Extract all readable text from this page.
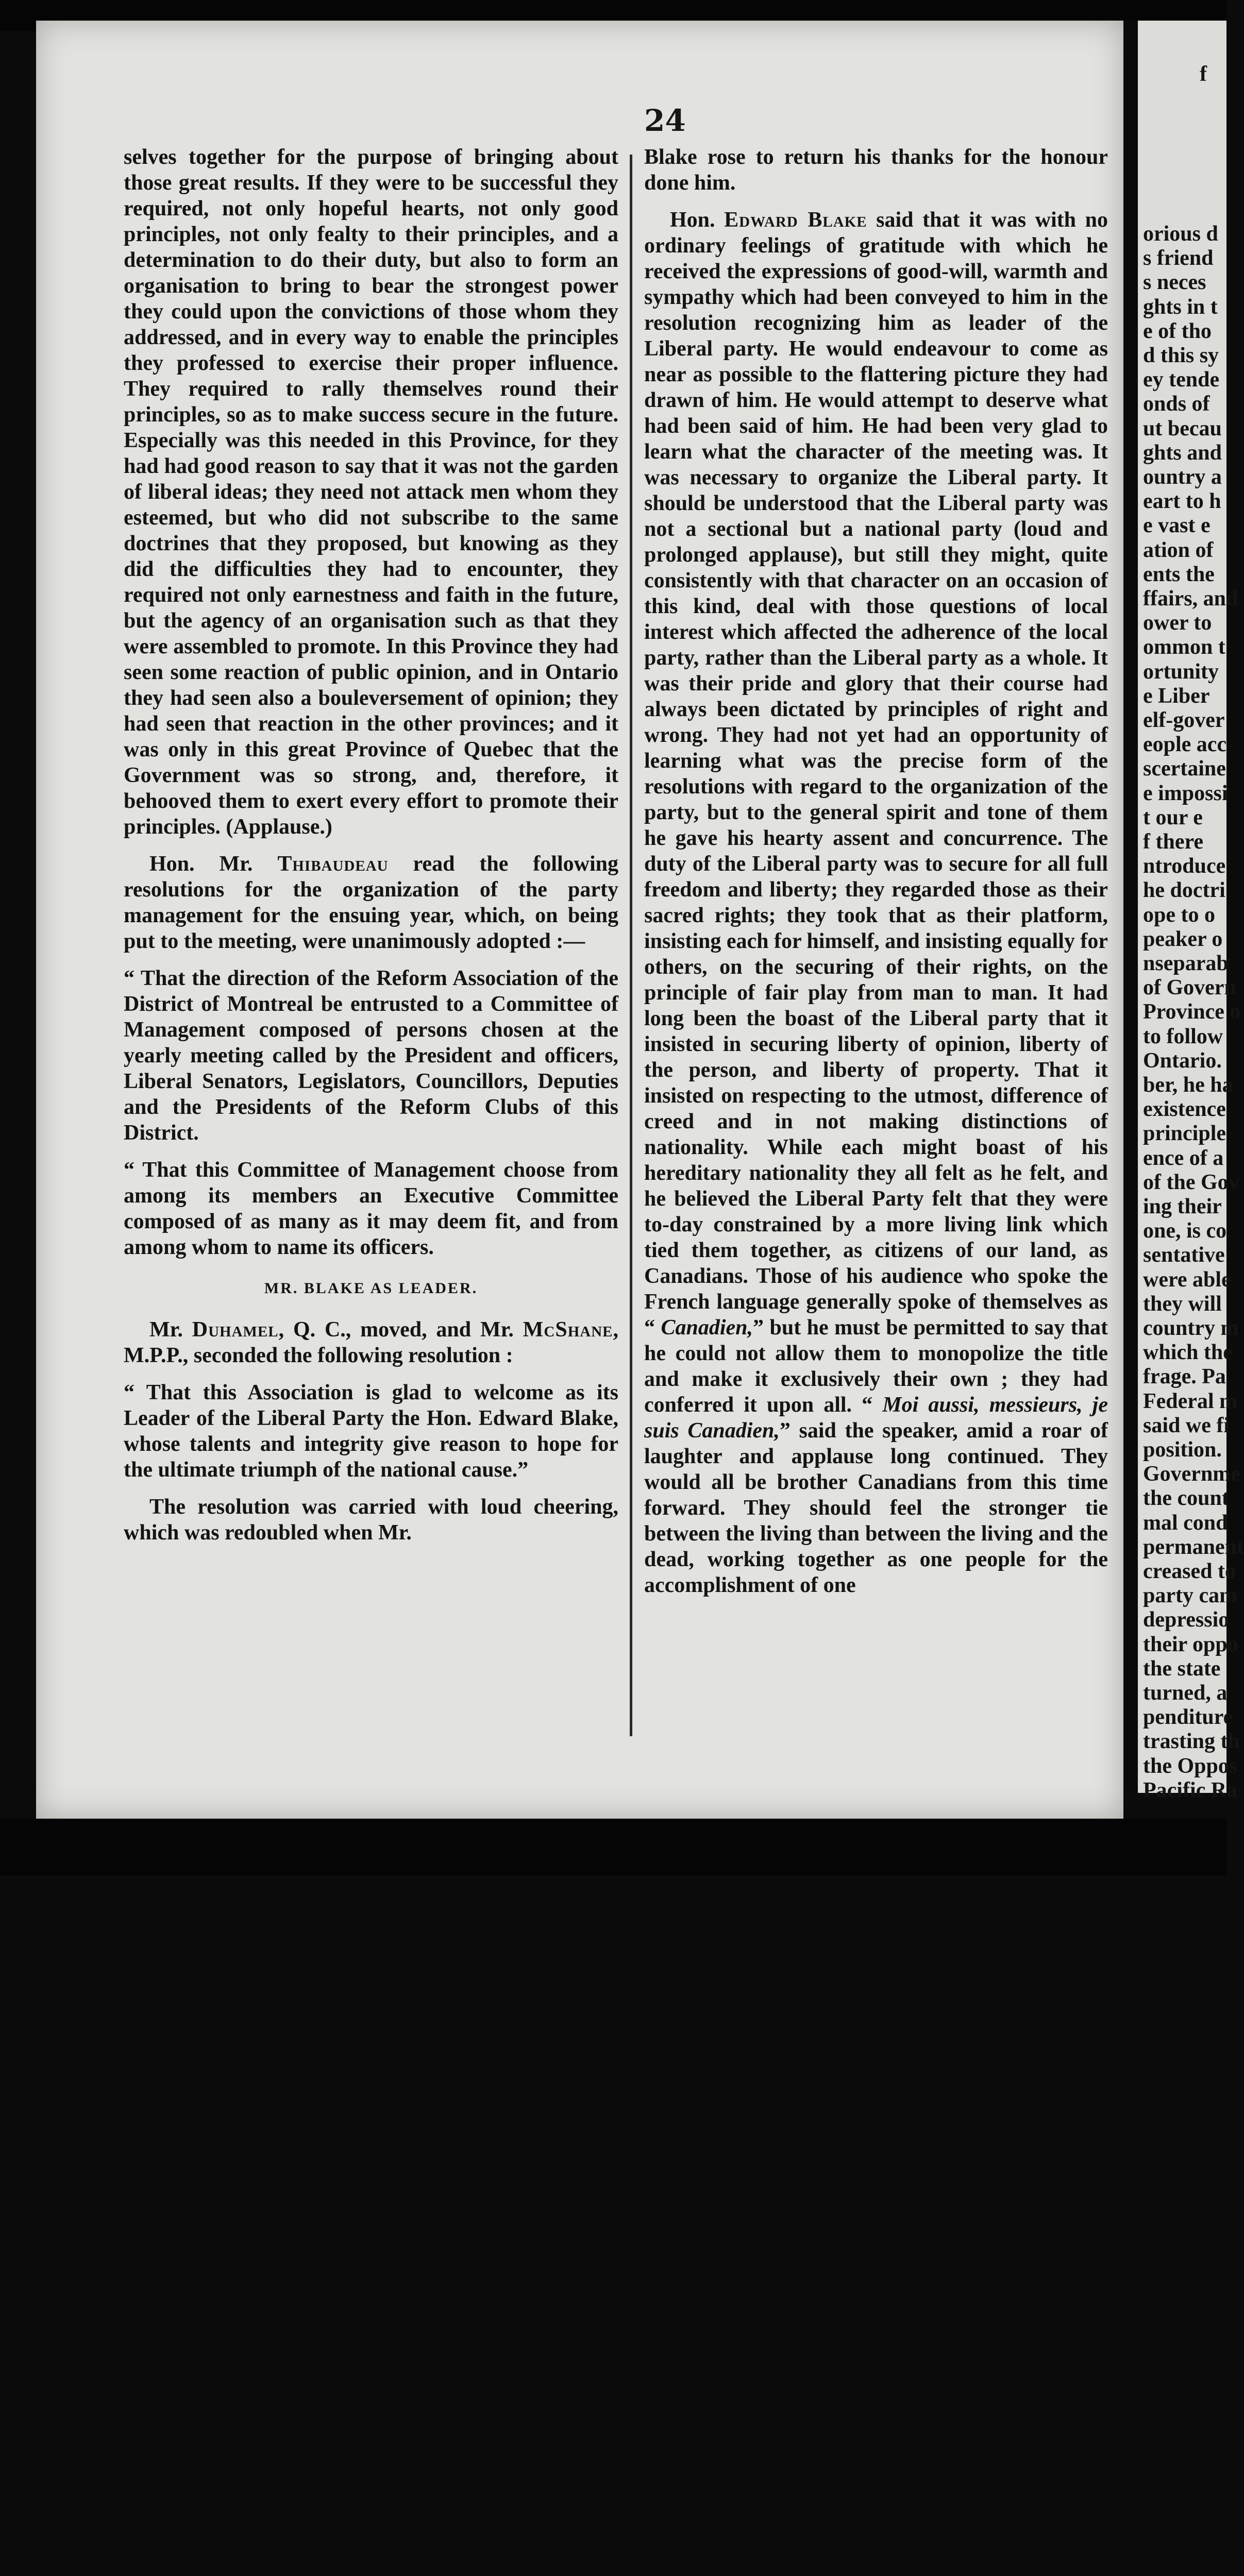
24

selves together for the purpose of bringing about those great results. If they were to be successful they required, not only hopeful hearts, not only good principles, not only fealty to their principles, and a determination to do their duty, but also to form an organisation to bring to bear the strongest power they could upon the convictions of those whom they addressed, and in every way to enable the principles they professed to exercise their proper influence. They required to rally themselves round their principles, so as to make success secure in the future. Especially was this needed in this Province, for they had had good reason to say that it was not the garden of liberal ideas; they need not attack men whom they esteemed, but who did not subscribe to the same doctrines that they proposed, but knowing as they did the difficulties they had to encounter, they required not only earnestness and faith in the future, but the agency of an organisation such as that they were assembled to promote. In this Province they had seen some reaction of public opinion, and in Ontario they had seen also a bouleversement of opinion; they had seen that reaction in the other provinces; and it was only in this great Province of Quebec that the Government was so strong, and, therefore, it behooved them to exert every effort to promote their principles. (Applause.)

Hon. Mr. Thibaudeau read the following resolutions for the organization of the party management for the ensuing year, which, on being put to the meeting, were unanimously adopted :—

“ That the direction of the Reform Association of the District of Montreal be entrusted to a Committee of Management composed of persons chosen at the yearly meeting called by the President and officers, Liberal Senators, Legislators, Councillors, Deputies and the Presidents of the Reform Clubs of this District.

“ That this Committee of Management choose from among its members an Executive Committee composed of as many as it may deem fit, and from among whom to name its officers.

MR. BLAKE AS LEADER.

Mr. Duhamel, Q. C., moved, and Mr. McShane, M.P.P., seconded the following resolution :

“ That this Association is glad to welcome as its Leader of the Liberal Party the Hon. Edward Blake, whose talents and integrity give reason to hope for the ultimate triumph of the national cause.”

The resolution was carried with loud cheering, which was redoubled when Mr.

Blake rose to return his thanks for the honour done him.

Hon. Edward Blake said that it was with no ordinary feelings of gratitude with which he received the expressions of good-will, warmth and sympathy which had been conveyed to him in the resolution recognizing him as leader of the Liberal party. He would endeavour to come as near as possible to the flattering picture they had drawn of him. He would attempt to deserve what had been said of him. He had been very glad to learn what the character of the meeting was. It was necessary to organize the Liberal party. It should be understood that the Liberal party was not a sectional but a national party (loud and prolonged applause), but still they might, quite consistently with that character on an occasion of this kind, deal with those questions of local interest which affected the adherence of the local party, rather than the Liberal party as a whole. It was their pride and glory that their course had always been dictated by principles of right and wrong. They had not yet had an opportunity of learning what was the precise form of the resolutions with regard to the organization of the party, but to the general spirit and tone of them he gave his hearty assent and concurrence. The duty of the Liberal party was to secure for all full freedom and liberty; they regarded those as their sacred rights; they took that as their platform, insisting each for himself, and insisting equally for others, on the securing of their rights, on the principle of fair play from man to man. It had long been the boast of the Liberal party that it insisted in securing liberty of opinion, liberty of the person, and liberty of property. That it insisted on respecting to the utmost, difference of creed and in not making distinctions of nationality. While each might boast of his hereditary nationality they all felt as he felt, and he believed the Liberal Party felt that they were to-day constrained by a more living link which tied them together, as citizens of our land, as Canadians. Those of his audience who spoke the French language generally spoke of themselves as “ Canadien,” but he must be permitted to say that he could not allow them to monopolize the title and make it exclusively their own ; they had conferred it upon all. “ Moi aussi, messieurs, je suis Canadien,” said the speaker, amid a roar of laughter and applause long continued. They would all be brother Canadians from this time forward. They should feel the stronger tie between the living than between the living and the dead, working together as one people for the accomplishment of one

f
orious d
s friend
s neces
ghts in t
e of tho
d this sy
ey tende
onds of
ut becau
ghts and
ountry a
eart to h
e vast e
ation of
ents the
ffairs, and
ower to
ommon t
ortunity
e Liber
elf-gover
eople acc
scertaine
e impossi
t our e
f there
ntroduce
he doctri
ope to o
peaker o
nseparab
of Govern
Province o
to follow
Ontario.
ber, he ha
existence
principle
ence of a
of the Gov
ing their
one, is co
sentative
were able
they will
country m
which the
frage. Pa
Federal m
said we fi
position.
Governme
the count
mal cond
permanent
creased to
party cam
depressio
their oppo
the state
turned, a
penditure
trasting th
the Oppos
Pacific Ra
